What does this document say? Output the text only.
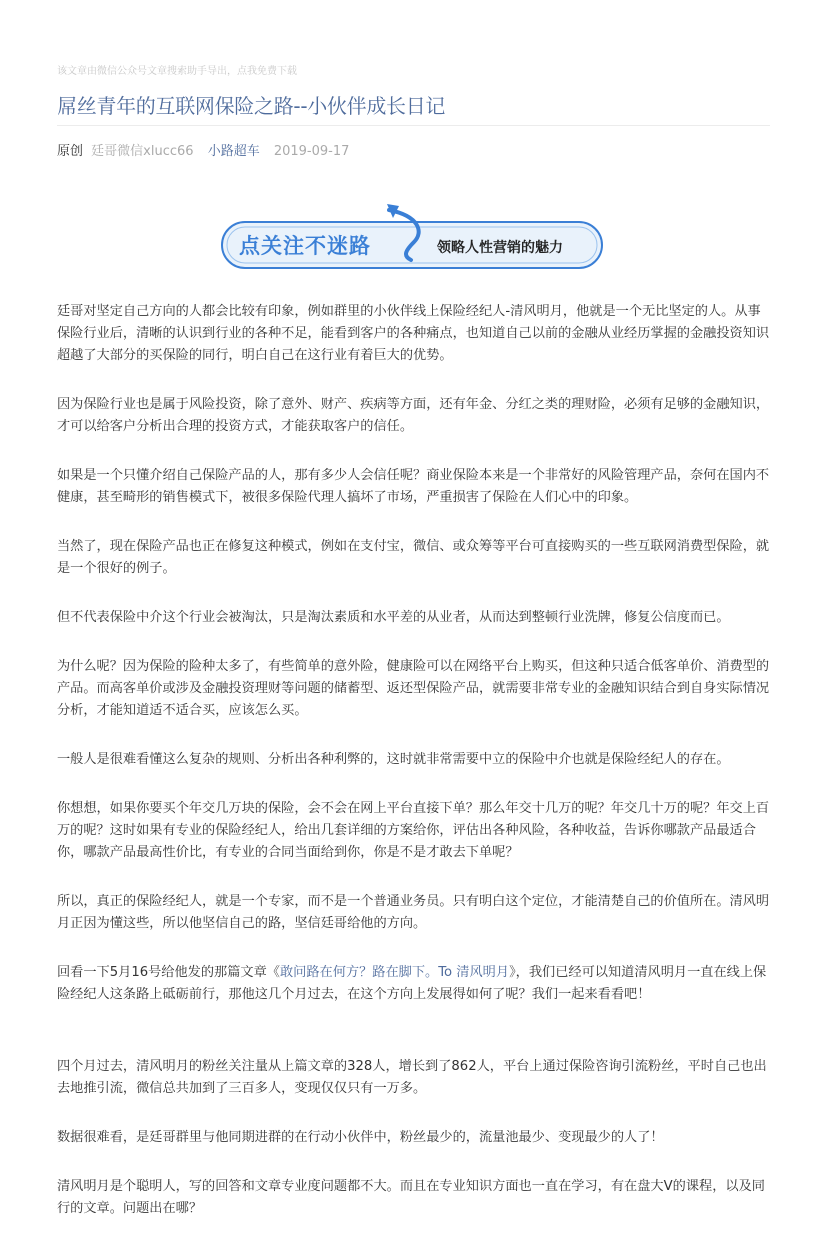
该文章由微信公众号文章搜索助手导出，点我免费下载
屌丝青年的互联网保险之路--小伙伴成长日记
原创 廷哥微信xlucc66 小路超车 2019-09-17
点关注不迷路	领略人性营销的魅力

廷哥对坚定自己方向的人都会比较有印象，例如群里的小伙伴线上保险经纪人-清风明月，他就是一个无比坚定的人。从事保险行业后，清晰的认识到行业的各种不足，能看到客户的各种痛点，也知道自己以前的金融从业经历掌握的金融投资知识超越了大部分的买保险的同行，明白自己在这行业有着巨大的优势。

因为保险行业也是属于风险投资，除了意外、财产、疾病等方面，还有年金、分红之类的理财险，必须有足够的金融知识，才可以给客户分析出合理的投资方式，才能获取客户的信任。

如果是一个只懂介绍自己保险产品的人，那有多少人会信任呢？商业保险本来是一个非常好的风险管理产品，奈何在国内不健康，甚至畸形的销售模式下，被很多保险代理人搞坏了市场，严重损害了保险在人们心中的印象。

当然了，现在保险产品也正在修复这种模式，例如在支付宝，微信、或众筹等平台可直接购买的一些互联网消费型保险，就是一个很好的例子。

但不代表保险中介这个行业会被淘汰，只是淘汰素质和水平差的从业者，从而达到整顿行业洗牌，修复公信度而已。

为什么呢？因为保险的险种太多了，有些简单的意外险，健康险可以在网络平台上购买，但这种只适合低客单价、消费型的产品。而高客单价或涉及金融投资理财等问题的储蓄型、返还型保险产品，就需要非常专业的金融知识结合到自身实际情况分析，才能知道适不适合买，应该怎么买。

一般人是很难看懂这么复杂的规则、分析出各种利弊的，这时就非常需要中立的保险中介也就是保险经纪人的存在。

你想想，如果你要买个年交几万块的保险，会不会在网上平台直接下单？那么年交十几万的呢？年交几十万的呢？年交上百万的呢？这时如果有专业的保险经纪人，给出几套详细的方案给你，评估出各种风险，各种收益，告诉你哪款产品最适合你，哪款产品最高性价比，有专业的合同当面给到你，你是不是才敢去下单呢？

所以，真正的保险经纪人，就是一个专家，而不是一个普通业务员。只有明白这个定位，才能清楚自己的价值所在。清风明月正因为懂这些，所以他坚信自己的路，坚信廷哥给他的方向。

回看一下5月16号给他发的那篇文章《敢问路在何方？路在脚下。To 清风明月》，我们已经可以知道清风明月一直在线上保险经纪人这条路上砥砺前行，那他这几个月过去，在这个方向上发展得如何了呢？我们一起来看看吧！

四个月过去，清风明月的粉丝关注量从上篇文章的328人，增长到了862人，平台上通过保险咨询引流粉丝，平时自己也出去地推引流，微信总共加到了三百多人，变现仅仅只有一万多。

数据很难看，是廷哥群里与他同期进群的在行动小伙伴中，粉丝最少的，流量池最少、变现最少的人了！

清风明月是个聪明人，写的回答和文章专业度问题都不大。而且在专业知识方面也一直在学习，有在盘大V的课程，以及同行的文章。问题出在哪？
